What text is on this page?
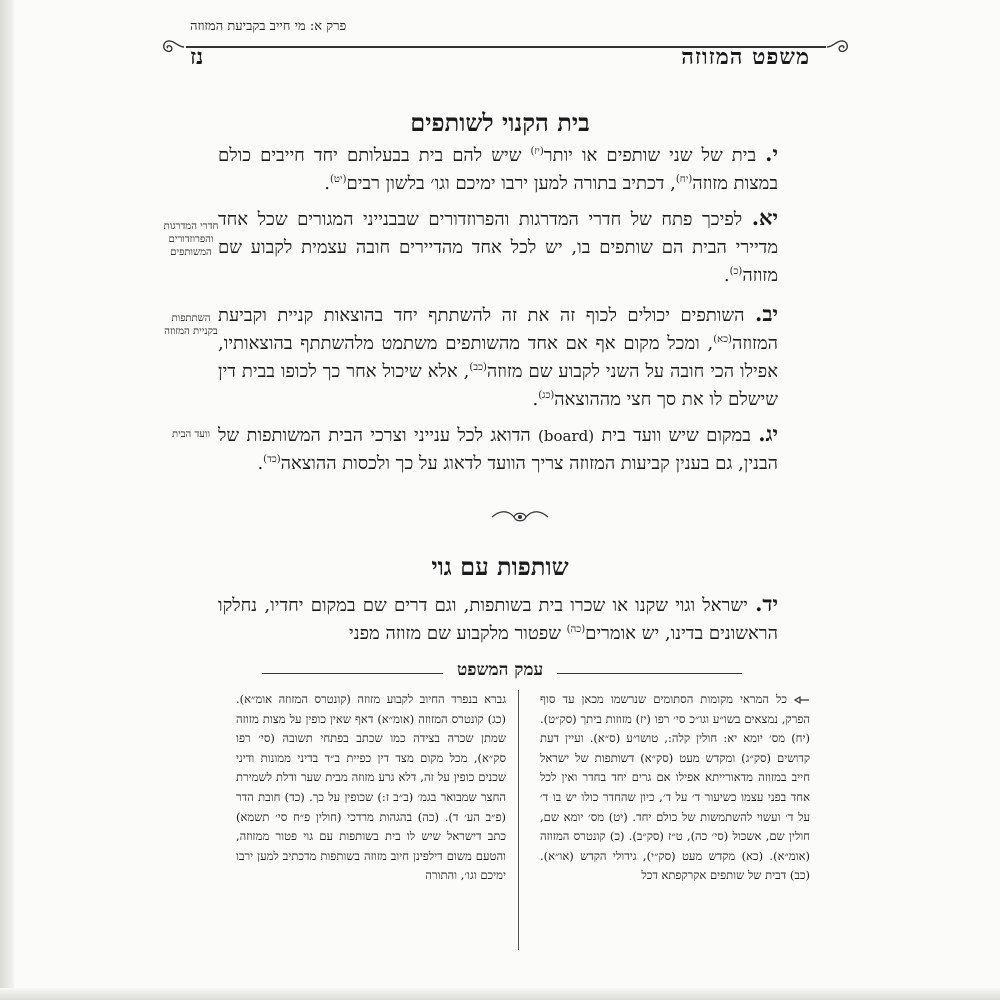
פרק א: מי חייב בקביעת המזוזה
משפט המזוזה
נז
בית הקנוי לשותפים
י. בית של שני שותפים או יותר$^{(יז)}$ שיש להם בית בבעלותם יחד חייבים כולם במצות מזוזה$^{(יח)}$, דכתיב בתורה למען ירבו ימיכם וגו׳ בלשון רבים$^{(יט)}$.
יא. לפיכך פתח של חדרי המדרגות והפרוזדורים שבבנייני המגורים שכל אחד מדיירי הבית הם שותפים בו, יש לכל אחד מהדיירים חובה עצמית לקבוע שם מזוזה$^{(כ)}$.
חדרי המדרגות והפרוזדורים המשותפים
יב. השותפים יכולים לכוף זה את זה להשתתף יחד בהוצאות קניית וקביעת המזוזה$^{(כא)}$, ומכל מקום אף אם אחד מהשותפים משתמט מלהשתתף בהוצאותיו, אפילו הכי חובה על השני לקבוע שם מזוזה$^{(כב)}$, אלא שיכול אחר כך לכופו בבית דין שישלם לו את סך חצי מההוצאה$^{(כג)}$.
השתתפות בקניית המזוזה
יג. במקום שיש וועד בית (board) הדואג לכל ענייני וצרכי הבית המשותפות של הבנין, גם בענין קביעות המזוזה צריך הוועד לדאוג על כך ולכסות ההוצאה$^{(כד)}$.
וועד הבית
שותפות עם גוי
יד. ישראל וגוי שקנו או שכרו בית בשותפות, וגם דרים שם במקום יחדיו, נחלקו הראשונים בדינו, יש אומרים$^{(כה)}$ שפטור מלקבוע שם מזוזה מפני
עמק המשפט
כל המראי מקומות הסתומים שנרשמו מכאן עד סוף הפרק, נמצאים בשו״ע וגו״כ סי׳ רפו (יז) מזוזות ביתך (סק״ט). (יח) מס׳ יומא יא: חולין קלה:, טושו״ע (ס״א). ועיין דעת קדושים (סק״ג) ומקדש מעט (סק״א) דשותפות של ישראל חייב במזוזה מדאורייתא אפילו אם גרים יחד בחדר ואין לכל אחד בפני עצמו כשיעור ד׳ על ד׳, כיון שהחדר כולו יש בו ד׳ על ד׳ ועשוי להשתמשות של כולם יחד. (יט) מס׳ יומא שם, חולין שם, אשכול (סי׳ כה), ט״ז (סק״ב). (כ) קונטרס המזוזה (אומ״א). (כא) מקדש מעט (סק״י), גידולי הקדש (או״א). (כב) דבית של שותפים אקרקפתא דכל
גברא בנפרד החיוב לקבוע מזוזה (קונטרס המזוזה אומ״א). (כג) קונטרס המזוזה (אומ״א) דאף שאין כופין על מצות מזוזה שמתן שכרה בצידה כמו שכתב בפתחי תשובה (סי׳ רפו סק״א), מכל מקום מצד דין כפיית ב״ד בדיני ממונות ודיני שכנים כופין על זה, דלא גרע מזוזה מבית שער ודלת לשמירת החצר שמבואר בגמ׳ (ב״ב ז:) שכופין על כך. (כד) חובת הדר (פ״ב הע׳ ד). (כה) בהגהות מרדכי (חולין פ״ח סי׳ תשמא) כתב דישראל שיש לו בית בשותפות עם גוי פטור ממזוזה, והטעם משום דילפינן חיוב מזוזה בשותפות מדכתיב למען ירבו ימיכם וגו׳, והתורה
